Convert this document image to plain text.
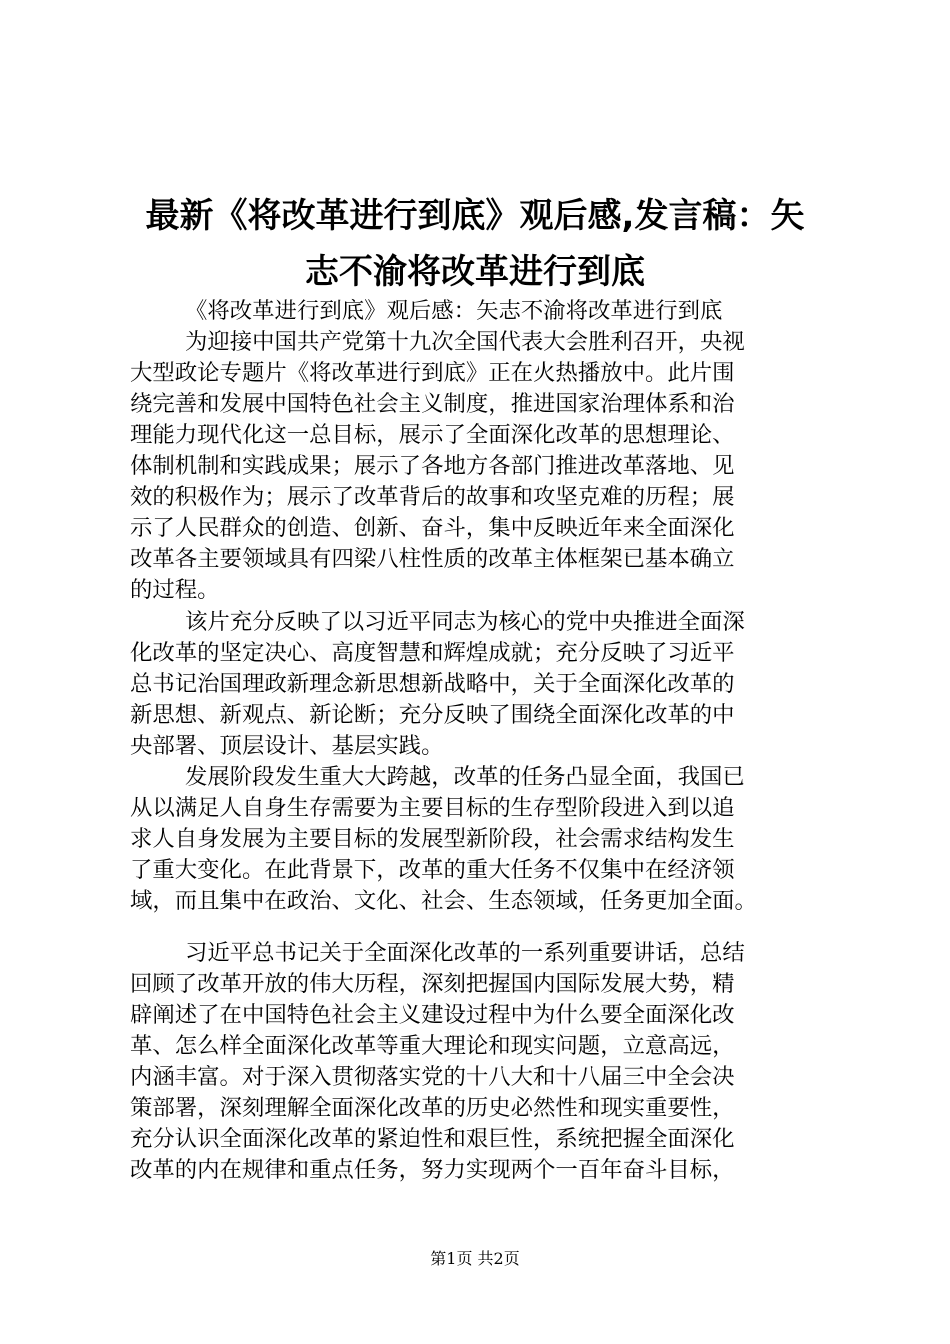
最新《将改革进行到底》观后感,发言稿：矢
志不渝将改革进行到底
《将改革进行到底》观后感：矢志不渝将改革进行到底
为迎接中国共产党第十九次全国代表大会胜利召开，央视
大型政论专题片《将改革进行到底》正在火热播放中。此片围
绕完善和发展中国特色社会主义制度，推进国家治理体系和治
理能力现代化这一总目标，展示了全面深化改革的思想理论、
体制机制和实践成果；展示了各地方各部门推进改革落地、见
效的积极作为；展示了改革背后的故事和攻坚克难的历程；展
示了人民群众的创造、创新、奋斗，集中反映近年来全面深化
改革各主要领域具有四梁八柱性质的改革主体框架已基本确立
的过程。
该片充分反映了以习近平同志为核心的党中央推进全面深
化改革的坚定决心、高度智慧和辉煌成就；充分反映了习近平
总书记治国理政新理念新思想新战略中，关于全面深化改革的
新思想、新观点、新论断；充分反映了围绕全面深化改革的中
央部署、顶层设计、基层实践。
发展阶段发生重大大跨越，改革的任务凸显全面，我国已
从以满足人自身生存需要为主要目标的生存型阶段进入到以追
求人自身发展为主要目标的发展型新阶段，社会需求结构发生
了重大变化。在此背景下，改革的重大任务不仅集中在经济领
域，而且集中在政治、文化、社会、生态领域，任务更加全面。
习近平总书记关于全面深化改革的一系列重要讲话，总结
回顾了改革开放的伟大历程，深刻把握国内国际发展大势，精
辟阐述了在中国特色社会主义建设过程中为什么要全面深化改
革、怎么样全面深化改革等重大理论和现实问题，立意高远，
内涵丰富。对于深入贯彻落实党的十八大和十八届三中全会决
策部署，深刻理解全面深化改革的历史必然性和现实重要性，
充分认识全面深化改革的紧迫性和艰巨性，系统把握全面深化
改革的内在规律和重点任务，努力实现两个一百年奋斗目标，
第1页 共2页
